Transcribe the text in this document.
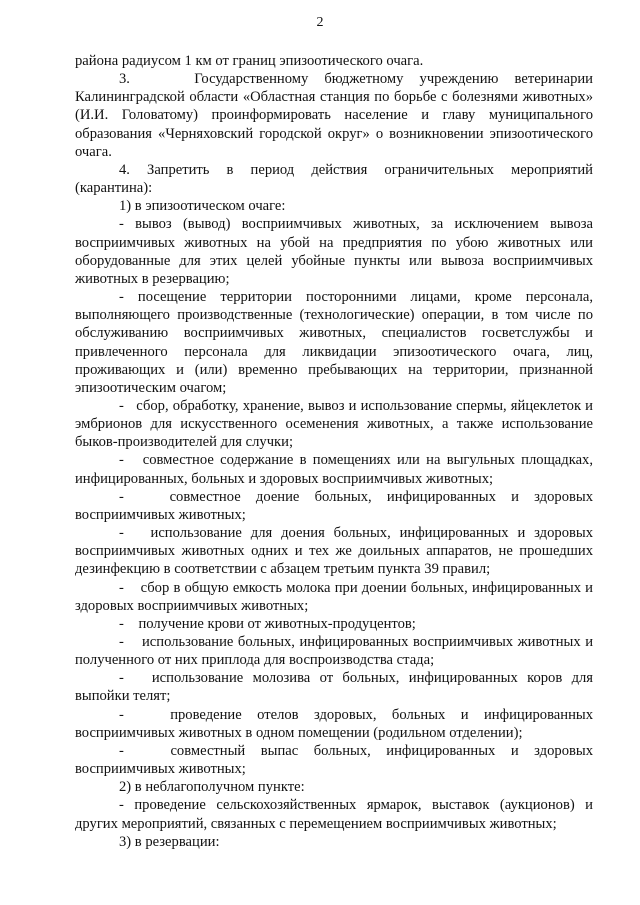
2

района радиусом 1 км от границ эпизоотического очага.

3.    Государственному бюджетному учреждению ветеринарии Калининградской области «Областная станция по борьбе с болезнями животных» (И.И. Головатому) проинформировать население и главу муниципального образования «Черняховский городской округ» о возникновении эпизоотического очага.

4. Запретить в период действия ограничительных мероприятий (карантина):

1) в эпизоотическом очаге:

- вывоз (вывод) восприимчивых животных, за исключением вывоза восприимчивых животных на убой на предприятия по убою животных или оборудованные для этих целей убойные пункты или вывоза восприимчивых животных в резервацию;

- посещение территории посторонними лицами, кроме персонала, выполняющего производственные (технологические) операции, в том числе по обслуживанию восприимчивых животных, специалистов госветслужбы и привлеченного персонала для ликвидации эпизоотического очага, лиц, проживающих и (или) временно пребывающих на территории, признанной эпизоотическим очагом;

-   сбор, обработку, хранение, вывоз и использование спермы, яйцеклеток и эмбрионов для искусственного осеменения животных, а также использование быков-производителей для случки;

-   совместное содержание в помещениях или на выгульных площадках, инфицированных, больных и здоровых восприимчивых животных;

-   совместное доение больных, инфицированных и здоровых восприимчивых животных;

-   использование для доения больных, инфицированных и здоровых восприимчивых животных одних и тех же доильных аппаратов, не прошедших дезинфекцию в соответствии с абзацем третьим пункта 39 правил;

-    сбор в общую емкость молока при доении больных, инфицированных и здоровых восприимчивых животных;

-    получение крови от животных-продуцентов;

-    использование больных, инфицированных восприимчивых животных и полученного от них приплода для воспроизводства стада;

-   использование молозива от больных, инфицированных коров для выпойки телят;

-   проведение отелов здоровых, больных и инфицированных восприимчивых животных в одном помещении (родильном отделении);

-   совместный выпас больных, инфицированных и здоровых восприимчивых животных;

2) в неблагополучном пункте:

- проведение сельскохозяйственных ярмарок, выставок (аукционов) и других мероприятий, связанных с перемещением восприимчивых животных;

3) в резервации:
